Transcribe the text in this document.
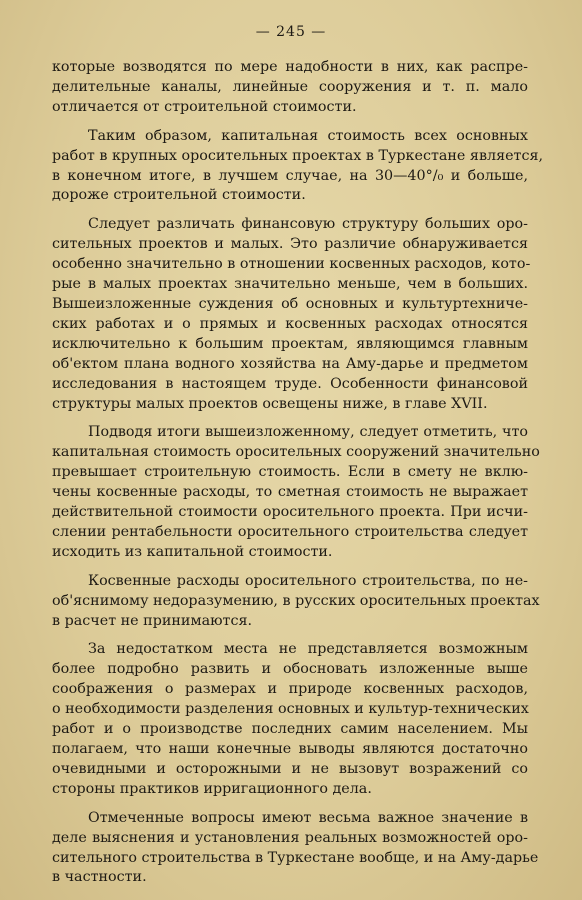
— 245 —

которые возводятся по мере надобности в них, как распре-
делительные каналы, линейные сооружения и т. п. мало
отличается от строительной стоимости.

Таким образом, капитальная стоимость всех основных
работ в крупных оросительных проектах в Туркестане является,
в конечном итоге, в лучшем случае, на 30—40°/₀ и больше,
дороже строительной стоимости.

Следует различать финансовую структуру больших оро-
сительных проектов и малых. Это различие обнаруживается
особенно значительно в отношении косвенных расходов, кото-
рые в малых проектах значительно меньше, чем в больших.
Вышеизложенные суждения об основных и культуртехниче-
ских работах и о прямых и косвенных расходах относятся
исключительно к большим проектам, являющимся главным
об'ектом плана водного хозяйства на Аму-дарье и предметом
исследования в настоящем труде. Особенности финансовой
структуры малых проектов освещены ниже, в главе XVII.

Подводя итоги вышеизложенному, следует отметить, что
капитальная стоимость оросительных сооружений значительно
превышает строительную стоимость. Если в смету не вклю-
чены косвенные расходы, то сметная стоимость не выражает
действительной стоимости оросительного проекта. При исчи-
слении рентабельности оросительного строительства следует
исходить из капитальной стоимости.

Косвенные расходы оросительного строительства, по не-
об'яснимому недоразумению, в русских оросительных проектах
в расчет не принимаются.

За недостатком места не представляется возможным
более подробно развить и обосновать изложенные выше
соображения о размерах и природе косвенных расходов,
о необходимости разделения основных и культур-технических
работ и о производстве последних самим населением. Мы
полагаем, что наши конечные выводы являются достаточно
очевидными и осторожными и не вызовут возражений со
стороны практиков ирригационного дела.

Отмеченные вопросы имеют весьма важное значение в
деле выяснения и установления реальных возможностей оро-
сительного строительства в Туркестане вообще, и на Аму-дарье
в частности.
